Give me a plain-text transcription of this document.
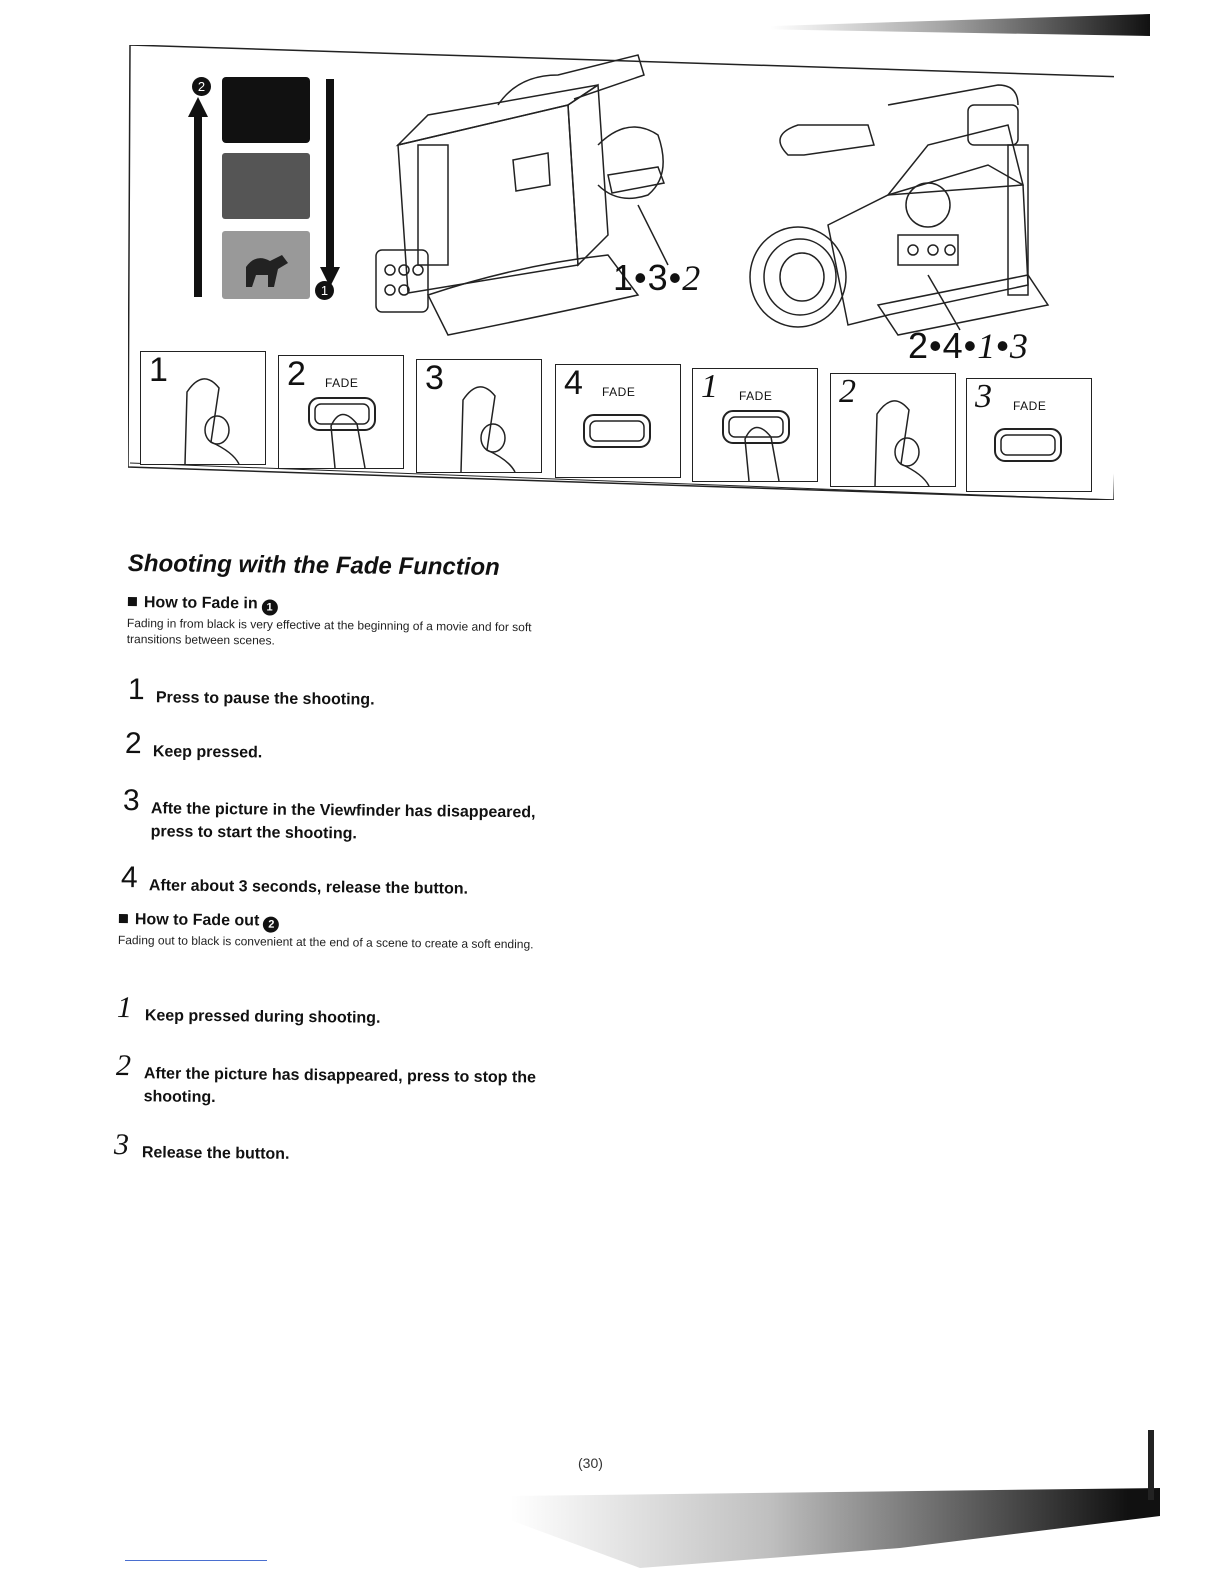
2
1	1•3•2
2•4•1•3
1	2 FADE 3	4 FADE 1 FADE 2	3 FADE
Shooting with the Fade Function
How to Fade in 1
Fading in from black is very effective at the beginning of a movie and for soft transitions between scenes.
1 Press to pause the shooting.
2 Keep pressed.
3 Afte the picture in the Viewfinder has disappeared, press to start the shooting.
4 After about 3 seconds, release the button.
How to Fade out 2
Fading out to black is convenient at the end of a scene to create a soft ending.
1 Keep pressed during shooting.
2 After the picture has disappeared, press to stop the shooting.
3 Release the button.
(30)
